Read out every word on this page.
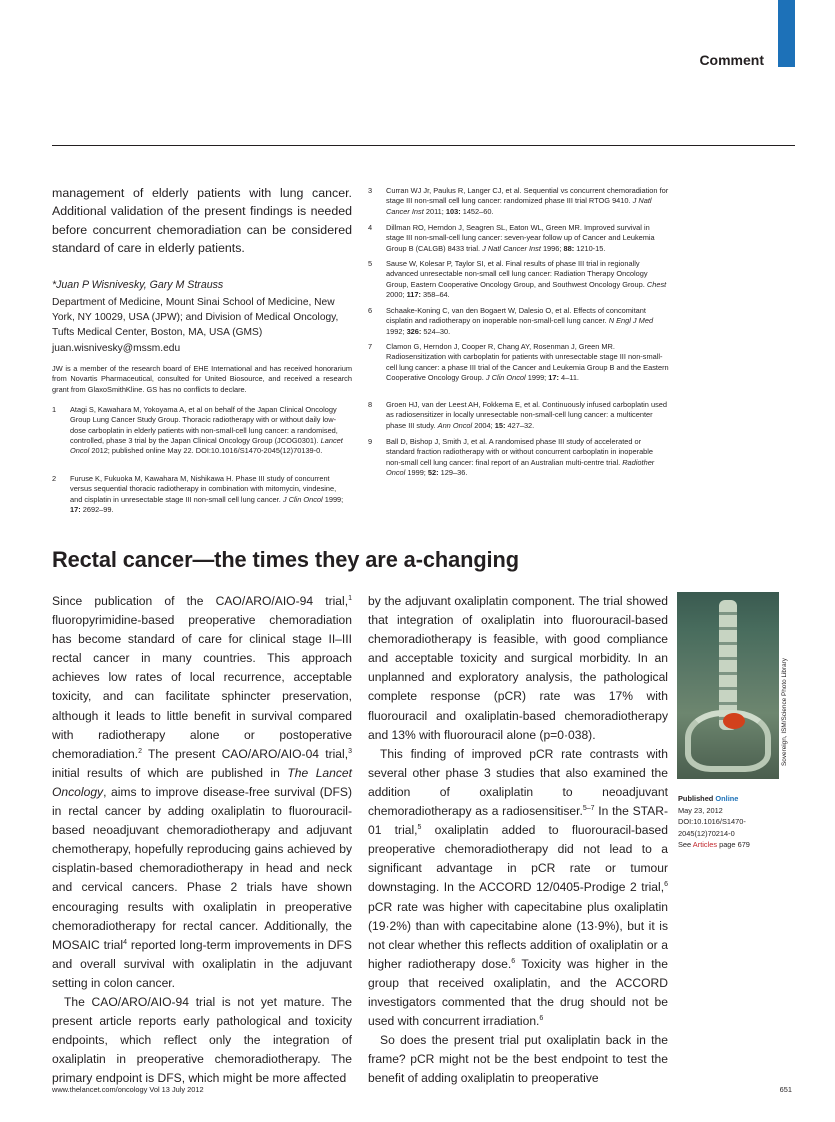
Comment

management of elderly patients with lung cancer. Additional validation of the present findings is needed before concurrent chemoradiation can be considered standard of care in elderly patients.

*Juan P Wisnivesky, Gary M Strauss
Department of Medicine, Mount Sinai School of Medicine, New
York, NY 10029, USA (JPW); and Division of Medical Oncology,
Tufts Medical Center, Boston, MA, USA (GMS)
juan.wisnivesky@mssm.edu
JW is a member of the research board of EHE International and has received honorarium from Novartis Pharmaceutical, consulted for United Biosource, and received a research grant from GlaxoSmithKline. GS has no conflicts to declare.
1	Atagi S, Kawahara M, Yokoyama A, et al on behalf of the Japan Clinical Oncology Group Lung Cancer Study Group. Thoracic radiotherapy with or without daily low-dose carboplatin in elderly patients with non-small-cell lung cancer: a randomised, controlled, phase 3 trial by the Japan Clinical Oncology Group (JCOG0301). Lancet Oncol 2012; published online May 22. DOI:10.1016/S1470-2045(12)70139-0.
2	Furuse K, Fukuoka M, Kawahara M, Nishikawa H. Phase III study of concurrent versus sequential thoracic radiotherapy in combination with mitomycin, vindesine, and cisplatin in unresectable stage III non-small cell lung cancer. J Clin Oncol 1999; 17: 2692–99.
3	Curran WJ Jr, Paulus R, Langer CJ, et al. Sequential vs concurrent chemoradiation for stage III non-small cell lung cancer: randomized phase III trial RTOG 9410. J Natl Cancer Inst 2011; 103: 1452–60.
4	Dillman RO, Herndon J, Seagren SL, Eaton WL, Green MR. Improved survival in stage III non-small-cell lung cancer: seven-year follow up of Cancer and Leukemia Group B (CALGB) 8433 trial. J Natl Cancer Inst 1996; 88: 1210-15.
5	Sause W, Kolesar P, Taylor SI, et al. Final results of phase III trial in regionally advanced unresectable non-small cell lung cancer: Radiation Therapy Oncology Group, Eastern Cooperative Oncology Group, and Southwest Oncology Group. Chest 2000; 117: 358–64.
6	Schaake-Koning C, van den Bogaert W, Dalesio O, et al. Effects of concomitant cisplatin and radiotherapy on inoperable non-small-cell lung cancer. N Engl J Med 1992; 326: 524–30.
7	Clamon G, Herndon J, Cooper R, Chang AY, Rosenman J, Green MR. Radiosensitization with carboplatin for patients with unresectable stage III non-small-cell lung cancer: a phase III trial of the Cancer and Leukemia Group B and the Eastern Cooperative Oncology Group. J Clin Oncol 1999; 17: 4–11.
8	Groen HJ, van der Leest AH, Fokkema E, et al. Continuously infused carboplatin used as radiosensitizer in locally unresectable non-small-cell lung cancer: a multicenter phase III study. Ann Oncol 2004; 15: 427–32.
9	Ball D, Bishop J, Smith J, et al. A randomised phase III study of accelerated or standard fraction radiotherapy with or without concurrent carboplatin in inoperable non-small cell lung cancer: final report of an Australian multi-centre trial. Radiother Oncol 1999; 52: 129–36.
Rectal cancer—the times they are a-changing

Since publication of the CAO/ARO/AIO-94 trial,$^1$ fluoropyrimidine-based preoperative chemoradiation has become standard of care for clinical stage II–III rectal cancer in many countries. This approach achieves low rates of local recurrence, acceptable toxicity, and can facilitate sphincter preservation, although it leads to little benefit in survival compared with radiotherapy alone or postoperative chemoradiation.$^2$ The present CAO/ARO/AIO-04 trial,$^3$ initial results of which are published in The Lancet Oncology, aims to improve disease-free survival (DFS) in rectal cancer by adding oxaliplatin to fluorouracil-based neoadjuvant chemoradiotherapy and adjuvant chemotherapy, hopefully reproducing gains achieved by cisplatin-based chemoradiotherapy in head and neck and cervical cancers. Phase 2 trials have shown encouraging results with oxaliplatin in preoperative chemoradiotherapy for rectal cancer. Additionally, the MOSAIC trial$^4$ reported long-term improvements in DFS and overall survival with oxaliplatin in the adjuvant setting in colon cancer.

The CAO/ARO/AIO-94 trial is not yet mature. The present article reports early pathological and toxicity endpoints, which reflect only the integration of oxaliplatin in preoperative chemoradiotherapy. The primary endpoint is DFS, which might be more affected

by the adjuvant oxaliplatin component. The trial showed that integration of oxaliplatin into fluorouracil-based chemoradiotherapy is feasible, with good compliance and acceptable toxicity and surgical morbidity. In an unplanned and exploratory analysis, the pathological complete response (pCR) rate was 17% with fluorouracil and oxaliplatin-based chemoradiotherapy and 13% with fluorouracil alone (p=0·038).

This finding of improved pCR rate contrasts with several other phase 3 studies that also examined the addition of oxaliplatin to neoadjuvant chemoradiotherapy as a radiosensitiser.$^{5-7}$ In the STAR-01 trial,$^5$ oxaliplatin added to fluorouracil-based preoperative chemoradiotherapy did not lead to a significant advantage in pCR rate or tumour downstaging. In the ACCORD 12/0405-Prodige 2 trial,$^6$ pCR rate was higher with capecitabine plus oxaliplatin (19·2%) than with capecitabine alone (13·9%), but it is not clear whether this reflects addition of oxaliplatin or a higher radiotherapy dose.$^6$ Toxicity was higher in the group that received oxaliplatin, and the ACCORD investigators commented that the drug should not be used with concurrent irradiation.$^6$

So does the present trial put oxaliplatin back in the frame? pCR might not be the best endpoint to test the benefit of adding oxaliplatin to preoperative

Sovereign, ISM/Science Photo Library
Published Online
May 23, 2012
DOI:10.1016/S1470-
2045(12)70214-0
See Articles page 679
www.thelancet.com/oncology Vol 13 July 2012	651
